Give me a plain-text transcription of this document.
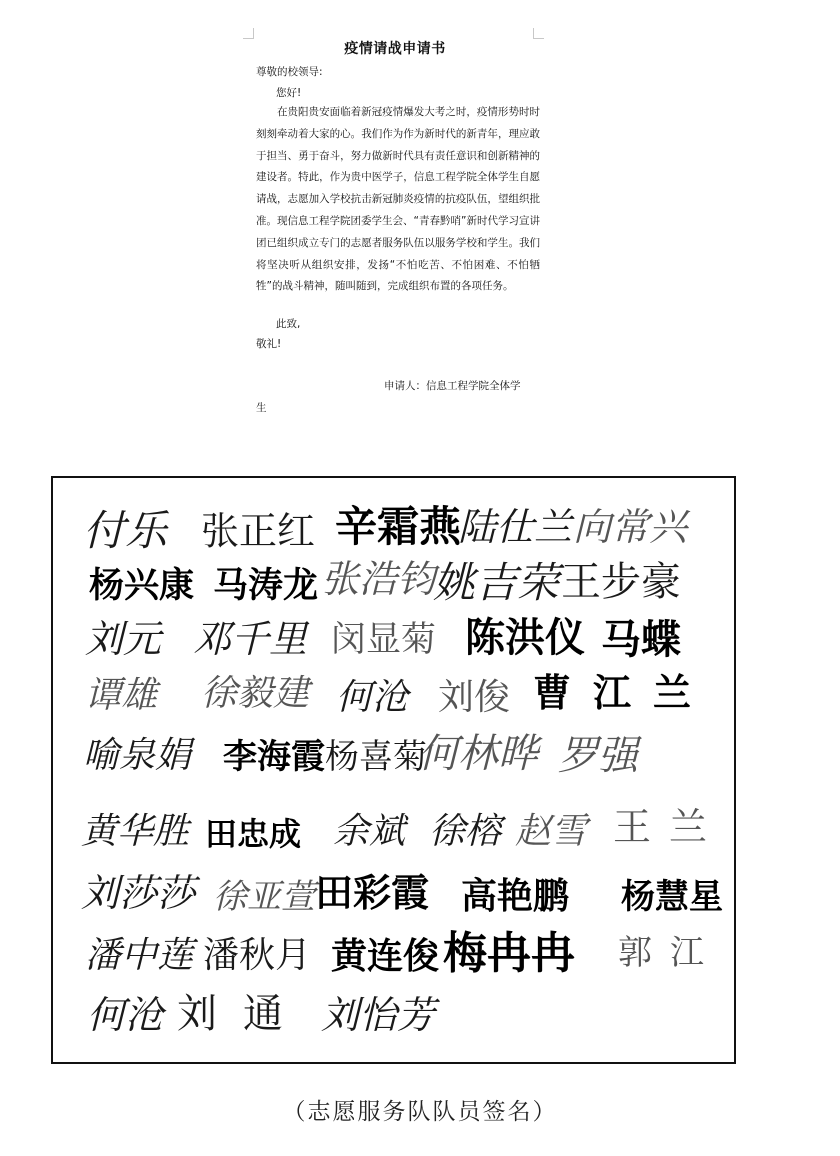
疫情请战申请书
尊敬的校领导:
您好!
在贵阳贵安面临着新冠疫情爆发大考之时，疫情形势时时刻刻牵动着大家的心。我们作为作为新时代的新青年，理应敢于担当、勇于奋斗，努力做新时代具有责任意识和创新精神的建设者。特此，作为贵中医学子，信息工程学院全体学生自愿请战，志愿加入学校抗击新冠肺炎疫情的抗疫队伍，望组织批准。现信息工程学院团委学生会、“青春黔哨”新时代学习宣讲团已组织成立专门的志愿者服务队伍以服务学校和学生。我们将坚决听从组织安排，发扬“不怕吃苦、不怕困难、不怕牺牲”的战斗精神，随叫随到，完成组织布置的各项任务。
此致,
敬礼!
申请人：信息工程学院全体学
生
付乐 张正红 辛霜燕
陆仕兰 向常兴
杨兴康 马涛龙 张浩钧
姚吉荣 王步豪
刘元 邓千里 闵显菊 陈洪仪 马蝶
谭雄 徐毅建 何沧 刘俊 曹江兰
喻泉娟 李海霞 杨喜菊
何林晔 罗强
黄华胜 田忠成 余斌 徐榕 赵雪 王兰
刘莎莎 徐亚萱 田彩霞 高艳鹏 杨慧星
潘中莲 潘秋月 黄连俊 梅冉冉 郭江
何沧 刘通 刘怡芳
（志愿服务队队员签名）
